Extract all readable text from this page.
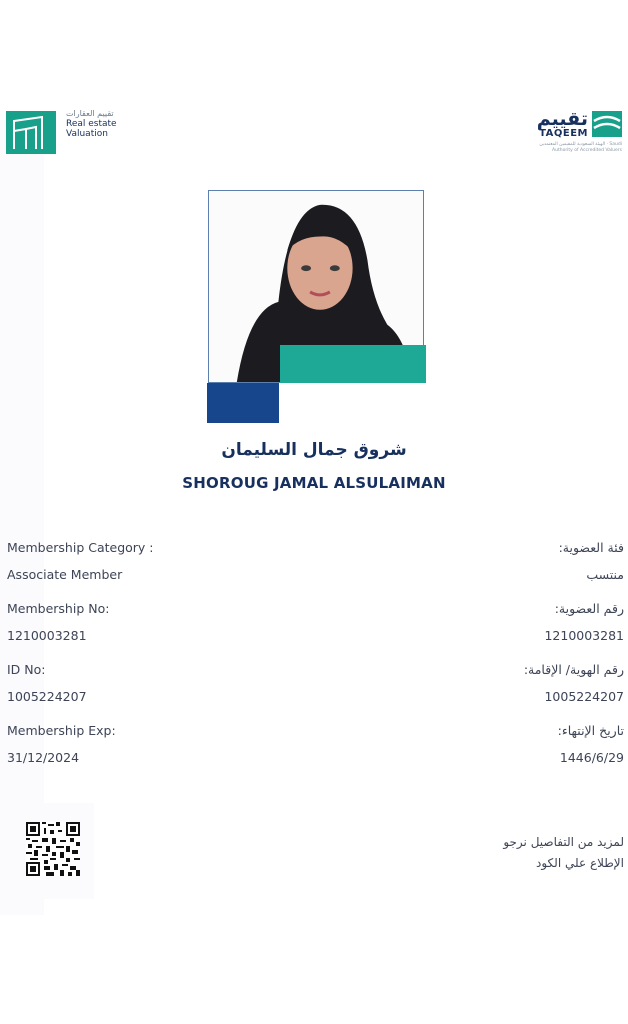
تقييم العقارات
Real estate
Valuation
تقييم
TAQEEM
الهيئة السعودية للمقيمين المعتمدين · Saudi Authority of Accredited Valuers
شروق جمال السليمان
SHOROUG JAMAL ALSULAIMAN
Membership Category :	فئة العضوية:
Associate Member	منتسب
Membership No:	رقم العضوية:
1210003281	1210003281
ID No:	رقم الهوية/ الإقامة:
1005224207	1005224207
Membership Exp:	تاريخ الإنتهاء:
31/12/2024	1446/6/29
لمزيد من التفاصيل نرجو
الإطلاع علي الكود
